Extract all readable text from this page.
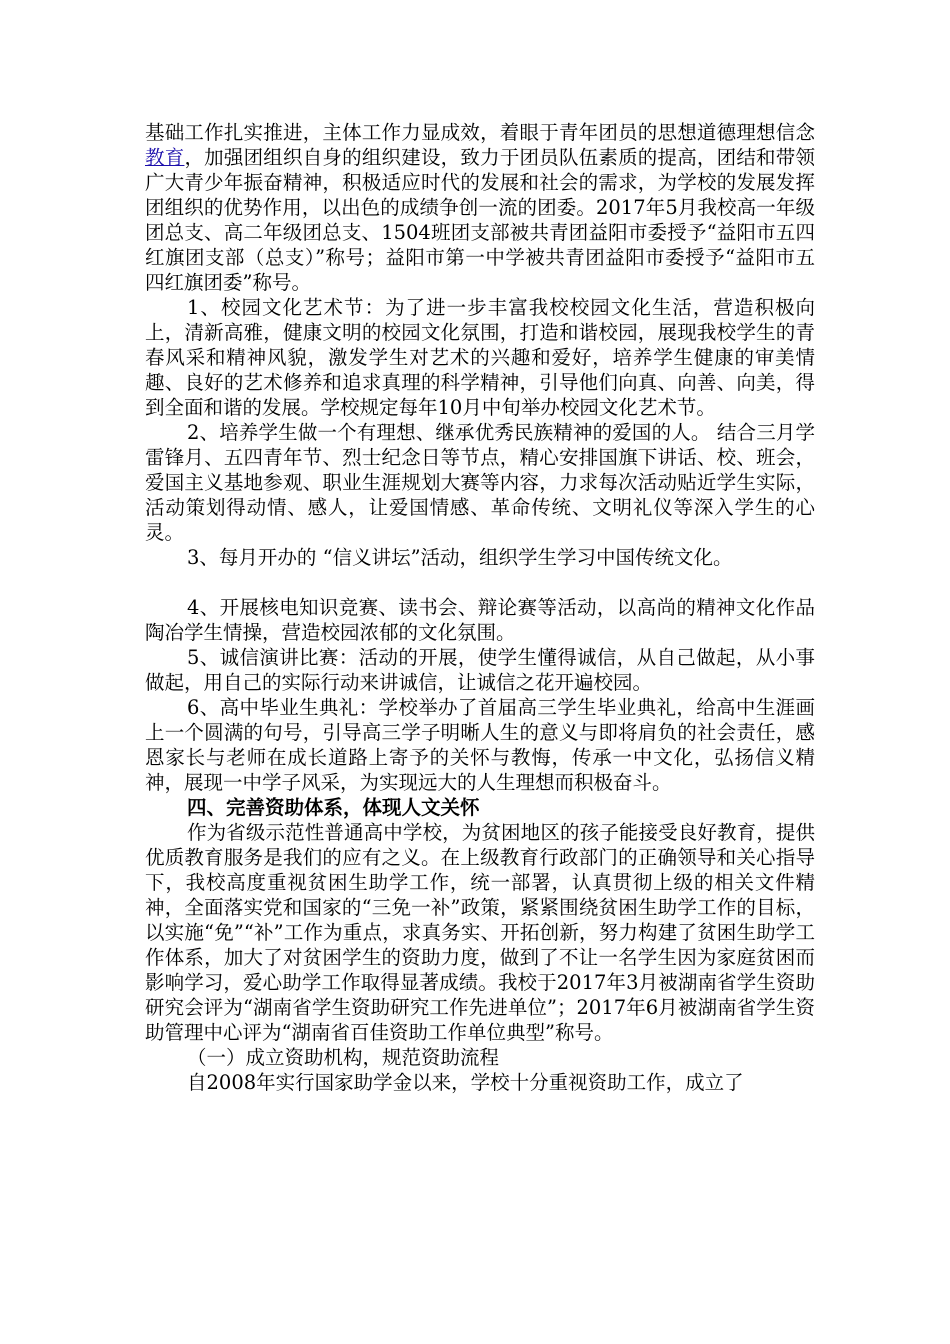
基础工作扎实推进，主体工作力显成效，着眼于青年团员的思想道德理想信念教育，加强团组织自身的组织建设，致力于团员队伍素质的提高，团结和带领广大青少年振奋精神，积极适应时代的发展和社会的需求，为学校的发展发挥团组织的优势作用，以出色的成绩争创一流的团委。2017年5月我校高一年级团总支、高二年级团总支、1504班团支部被共青团益阳市委授予“益阳市五四红旗团支部（总支）”称号；益阳市第一中学被共青团益阳市委授予“益阳市五四红旗团委”称号。

1、校园文化艺术节：为了进一步丰富我校校园文化生活，营造积极向上，清新高雅，健康文明的校园文化氛围，打造和谐校园，展现我校学生的青春风采和精神风貌，激发学生对艺术的兴趣和爱好，培养学生健康的审美情趣、良好的艺术修养和追求真理的科学精神，引导他们向真、向善、向美，得到全面和谐的发展。学校规定每年10月中旬举办校园文化艺术节。

2、培养学生做一个有理想、继承优秀民族精神的爱国的人。 结合三月学雷锋月、五四青年节、烈士纪念日等节点，精心安排国旗下讲话、校、班会，爱国主义基地参观、职业生涯规划大赛等内容，力求每次活动贴近学生实际，活动策划得动情、感人，让爱国情感、革命传统、文明礼仪等深入学生的心灵。

3、每月开办的 “信义讲坛”活动，组织学生学习中国传统文化。

4、开展核电知识竞赛、读书会、辩论赛等活动，以高尚的精神文化作品陶冶学生情操，营造校园浓郁的文化氛围。

5、诚信演讲比赛：活动的开展，使学生懂得诚信，从自己做起，从小事做起，用自己的实际行动来讲诚信，让诚信之花开遍校园。

6、高中毕业生典礼：学校举办了首届高三学生毕业典礼，给高中生涯画上一个圆满的句号，引导高三学子明晰人生的意义与即将肩负的社会责任，感恩家长与老师在成长道路上寄予的关怀与教悔，传承一中文化，弘扬信义精神，展现一中学子风采，为实现远大的人生理想而积极奋斗。

四、完善资助体系，体现人文关怀

作为省级示范性普通高中学校，为贫困地区的孩子能接受良好教育，提供优质教育服务是我们的应有之义。在上级教育行政部门的正确领导和关心指导下，我校高度重视贫困生助学工作，统一部署，认真贯彻上级的相关文件精神，全面落实党和国家的“三免一补”政策，紧紧围绕贫困生助学工作的目标，以实施“免”“补”工作为重点，求真务实、开拓创新，努力构建了贫困生助学工作体系，加大了对贫困学生的资助力度，做到了不让一名学生因为家庭贫困而影响学习，爱心助学工作取得显著成绩。我校于2017年3月被湖南省学生资助研究会评为“湖南省学生资助研究工作先进单位”；2017年6月被湖南省学生资助管理中心评为“湖南省百佳资助工作单位典型”称号。

（一）成立资助机构，规范资助流程

自2008年实行国家助学金以来，学校十分重视资助工作，成立了
